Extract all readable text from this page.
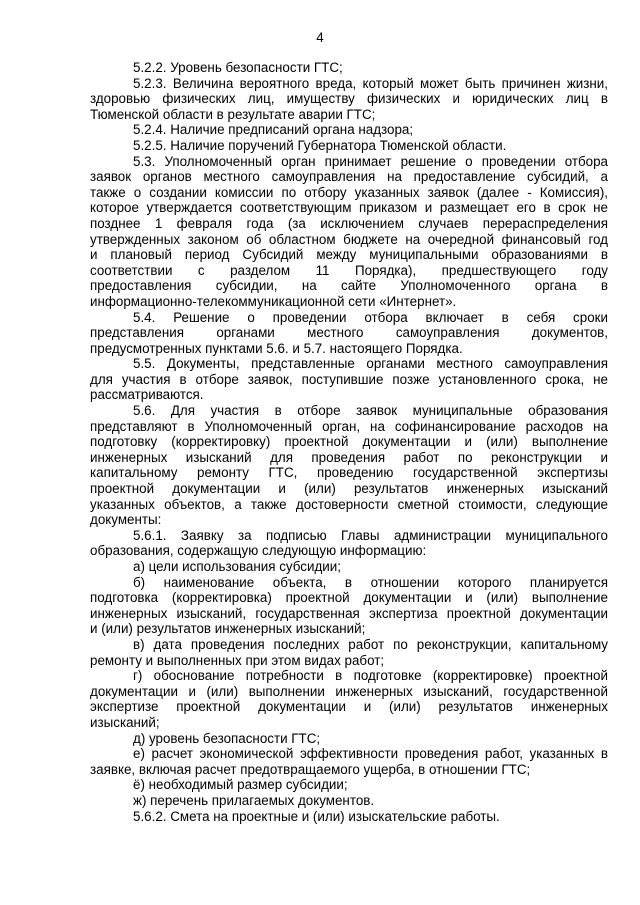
4
5.2.2. Уровень безопасности ГТС;
5.2.3. Величина вероятного вреда, который может быть причинен жизни,
здоровью физических лиц, имуществу физических и юридических лиц в
Тюменской области в результате аварии ГТС;
5.2.4. Наличие предписаний органа надзора;
5.2.5. Наличие поручений Губернатора Тюменской области.
5.3. Уполномоченный орган принимает решение о проведении отбора
заявок органов местного самоуправления на предоставление субсидий, а
также о создании комиссии по отбору указанных заявок (далее - Комиссия),
которое утверждается соответствующим приказом и размещает его в срок не
позднее 1 февраля года (за исключением случаев перераспределения
утвержденных законом об областном бюджете на очередной финансовый год
и плановый период Субсидий между муниципальными образованиями в
соответствии с разделом 11 Порядка), предшествующего году
предоставления субсидии, на сайте Уполномоченного органа в
информационно-телекоммуникационной сети «Интернет».
5.4. Решение о проведении отбора включает в себя сроки
представления органами местного самоуправления документов,
предусмотренных пунктами 5.6. и 5.7. настоящего Порядка.
5.5. Документы, представленные органами местного самоуправления
для участия в отборе заявок, поступившие позже установленного срока, не
рассматриваются.
5.6. Для участия в отборе заявок муниципальные образования
представляют в Уполномоченный орган, на софинансирование расходов на
подготовку (корректировку) проектной документации и (или) выполнение
инженерных изысканий для проведения работ по реконструкции и
капитальному ремонту ГТС, проведению государственной экспертизы
проектной документации и (или) результатов инженерных изысканий
указанных объектов, а также достоверности сметной стоимости, следующие
документы:
5.6.1. Заявку за подписью Главы администрации муниципального
образования, содержащую следующую информацию:
а) цели использования субсидии;
б) наименование объекта, в отношении которого планируется
подготовка (корректировка) проектной документации и (или) выполнение
инженерных изысканий, государственная экспертиза проектной документации
и (или) результатов инженерных изысканий;
в) дата проведения последних работ по реконструкции, капитальному
ремонту и выполненных при этом видах работ;
г) обоснование потребности в подготовке (корректировке) проектной
документации и (или) выполнении инженерных изысканий, государственной
экспертизе проектной документации и (или) результатов инженерных
изысканий;
д) уровень безопасности ГТС;
е) расчет экономической эффективности проведения работ, указанных в
заявке, включая расчет предотвращаемого ущерба, в отношении ГТС;
ё) необходимый размер субсидии;
ж) перечень прилагаемых документов.
5.6.2. Смета на проектные и (или) изыскательские работы.
